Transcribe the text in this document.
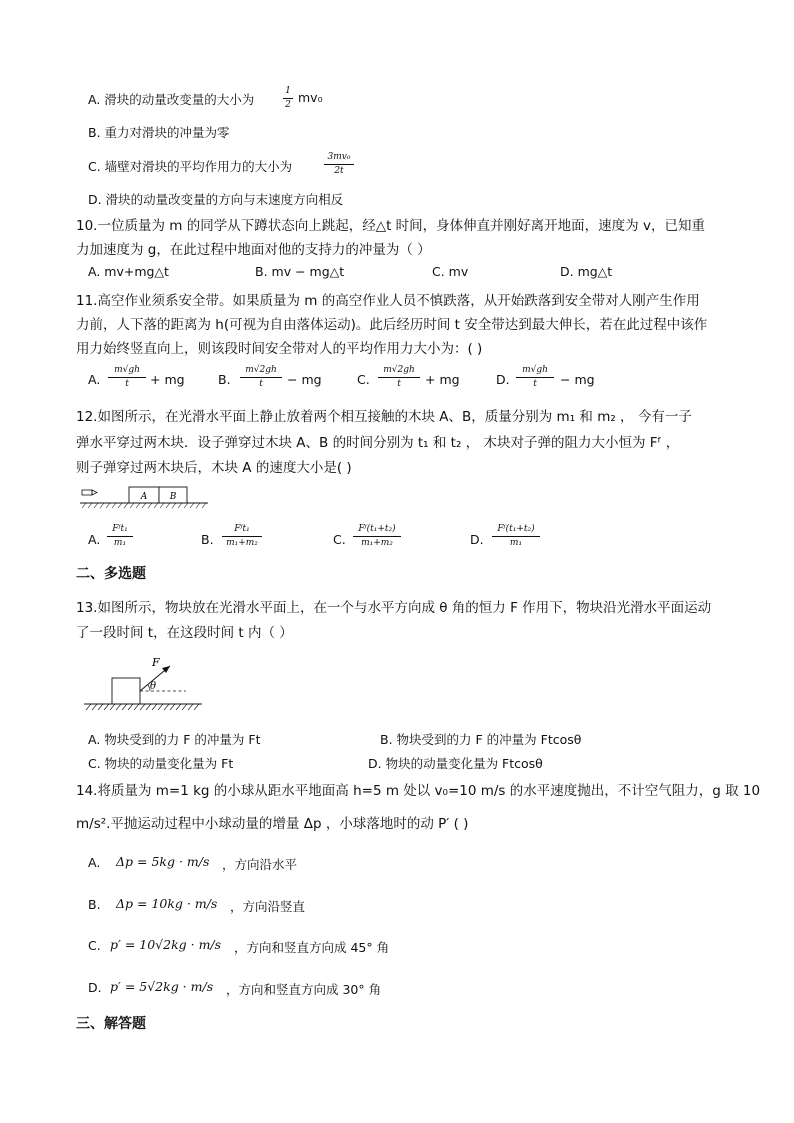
A. 滑块的动量改变量的大小为
1
2 mv₀
B. 重力对滑块的冲量为零
C. 墙壁对滑块的平均作用力的大小为
3mv₀
2t
D. 滑块的动量改变量的方向与末速度方向相反
10.一位质量为 m 的同学从下蹲状态向上跳起，经△t 时间，身体伸直并刚好离开地面，速度为 v，已知重
力加速度为 g，在此过程中地面对他的支持力的冲量为（ ）
A. mv+mg△t	B. mv − mg△t	C. mv	D. mg△t
11.高空作业须系安全带。如果质量为 m 的高空作业人员不慎跌落，从开始跌落到安全带对人刚产生作用
力前，人下落的距离为 h(可视为自由落体运动)。此后经历时间 t 安全带达到最大伸长，若在此过程中该作
用力始终竖直向上，则该段时间安全带对人的平均作用力大小为：( )
A.
m√gh
t	+ mg	B.
m√2gh
t	− mg	C.
m√2gh
t	+ mg	D.
m√gh
t	− mg
12.如图所示，在光滑水平面上静止放着两个相互接触的木块 A、B，质量分别为 m₁ 和 m₂ ， 今有一子
弹水平穿过两木块．设子弹穿过木块 A、B 的时间分别为 t₁ 和 t₂ ， 木块对子弹的阻力大小恒为 Fᶠ ，
则子弹穿过两木块后，木块 A 的速度大小是( )
A B
A.
Fᶠt₁
m₁	B.
Fᶠt₁
m₁+m₂	C.
Fᶠ(t₁+t₂)
m₁+m₂	D.
Fᶠ(t₁+t₂)
m₁
二、多选题
13.如图所示，物块放在光滑水平面上，在一个与水平方向成 θ 角的恒力 F 作用下，物块沿光滑水平面运动
了一段时间 t，在这段时间 t 内（ ）
F
θ
A. 物块受到的力 F 的冲量为 Ft	B. 物块受到的力 F 的冲量为 Ftcosθ
C. 物块的动量变化量为 Ft	D. 物块的动量变化量为 Ftcosθ
14.将质量为 m=1 kg 的小球从距水平地面高 h=5 m 处以 v₀=10 m/s 的水平速度抛出，不计空气阻力，g 取 10
m/s².平抛运动过程中小球动量的增量 Δp ，小球落地时的动 P′ ( )
A. Δp = 5kg · m/s ，方向沿水平
B. Δp = 10kg · m/s ，方向沿竖直
C. p′ = 10√2kg · m/s ，方向和竖直方向成 45° 角
D. p′ = 5√2kg · m/s ，方向和竖直方向成 30° 角
三、解答题
